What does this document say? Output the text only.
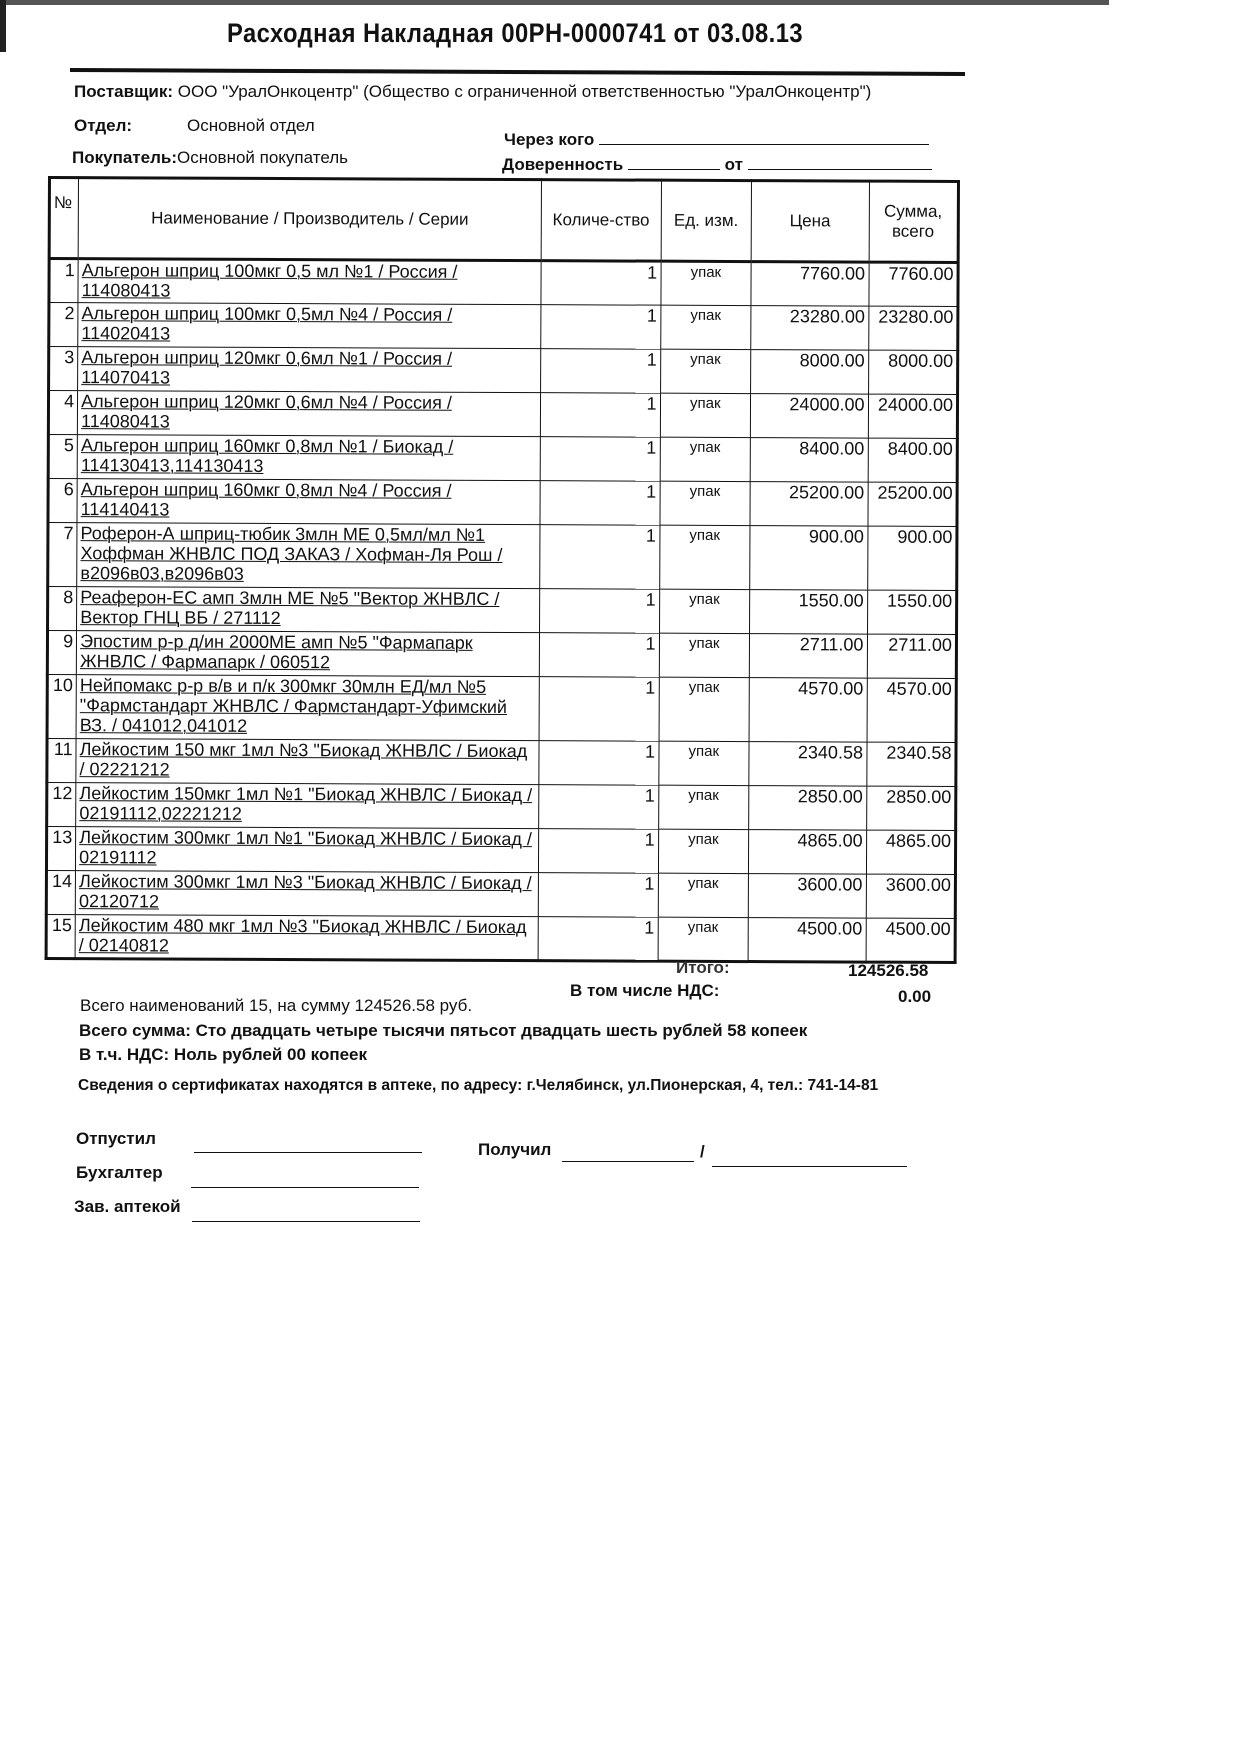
Расходная Накладная 00РН-0000741 от 03.08.13
Поставщик: ООО "УралОнкоцентр" (Общество с ограниченной ответственностью "УралОнкоцентр")
Отдел:	Основной отдел
Покупатель:Основной покупатель
Через кого
Доверенность	от
№	Наименование / Производитель / Серии	Количе-ство	Ед. изм.	Цена	Сумма, всего
1	Альгерон шприц 100мкг 0,5 мл №1 / Россия / 114080413	1	упак	7760.00	7760.00
2	Альгерон шприц 100мкг 0,5мл №4 / Россия / 114020413	1	упак	23280.00	23280.00
3	Альгерон шприц 120мкг 0,6мл №1 / Россия / 114070413	1	упак	8000.00	8000.00
4	Альгерон шприц 120мкг 0,6мл №4 / Россия / 114080413	1	упак	24000.00	24000.00
5	Альгерон шприц 160мкг 0,8мл №1 / Биокад / 114130413,114130413	1	упак	8400.00	8400.00
6	Альгерон шприц 160мкг 0,8мл №4 / Россия / 114140413	1	упак	25200.00	25200.00
7	Роферон-А шприц-тюбик 3млн МЕ 0,5мл/мл №1 Хоффман ЖНВЛС ПОД ЗАКАЗ / Хофман-Ля Рош / в2096в03,в2096в03	1	упак	900.00	900.00
8	Реаферон-ЕС амп 3млн МЕ №5 "Вектор ЖНВЛС / Вектор ГНЦ ВБ / 271112	1	упак	1550.00	1550.00
9	Эпостим р-р д/ин 2000МЕ амп №5 "Фармапарк ЖНВЛС / Фармапарк / 060512	1	упак	2711.00	2711.00
10	Нейпомакс р-р в/в и п/к 300мкг 30млн ЕД/мл №5 "Фармстандарт ЖНВЛС / Фармстандарт-Уфимский ВЗ. / 041012,041012	1	упак	4570.00	4570.00
11	Лейкостим 150 мкг 1мл №3 "Биокад ЖНВЛС / Биокад / 02221212	1	упак	2340.58	2340.58
12	Лейкостим 150мкг 1мл №1 "Биокад ЖНВЛС / Биокад / 02191112,02221212	1	упак	2850.00	2850.00
13	Лейкостим 300мкг 1мл №1 "Биокад ЖНВЛС / Биокад / 02191112	1	упак	4865.00	4865.00
14	Лейкостим 300мкг 1мл №3 "Биокад ЖНВЛС / Биокад / 02120712	1	упак	3600.00	3600.00
15	Лейкостим 480 мкг 1мл №3 "Биокад ЖНВЛС / Биокад / 02140812	1	упак	4500.00	4500.00
Итого:	124526.58
В том числе НДС:	0.00
Всего наименований 15, на сумму 124526.58 руб.
Всего сумма: Сто двадцать четыре тысячи пятьсот двадцать шесть рублей 58 копеек
В т.ч. НДС: Ноль рублей 00 копеек
Сведения о сертификатах находятся в аптеке, по адресу: г.Челябинск, ул.Пионерская, 4, тел.: 741-14-81
Отпустил
Бухгалтер
Зав. аптекой
Получил	/
